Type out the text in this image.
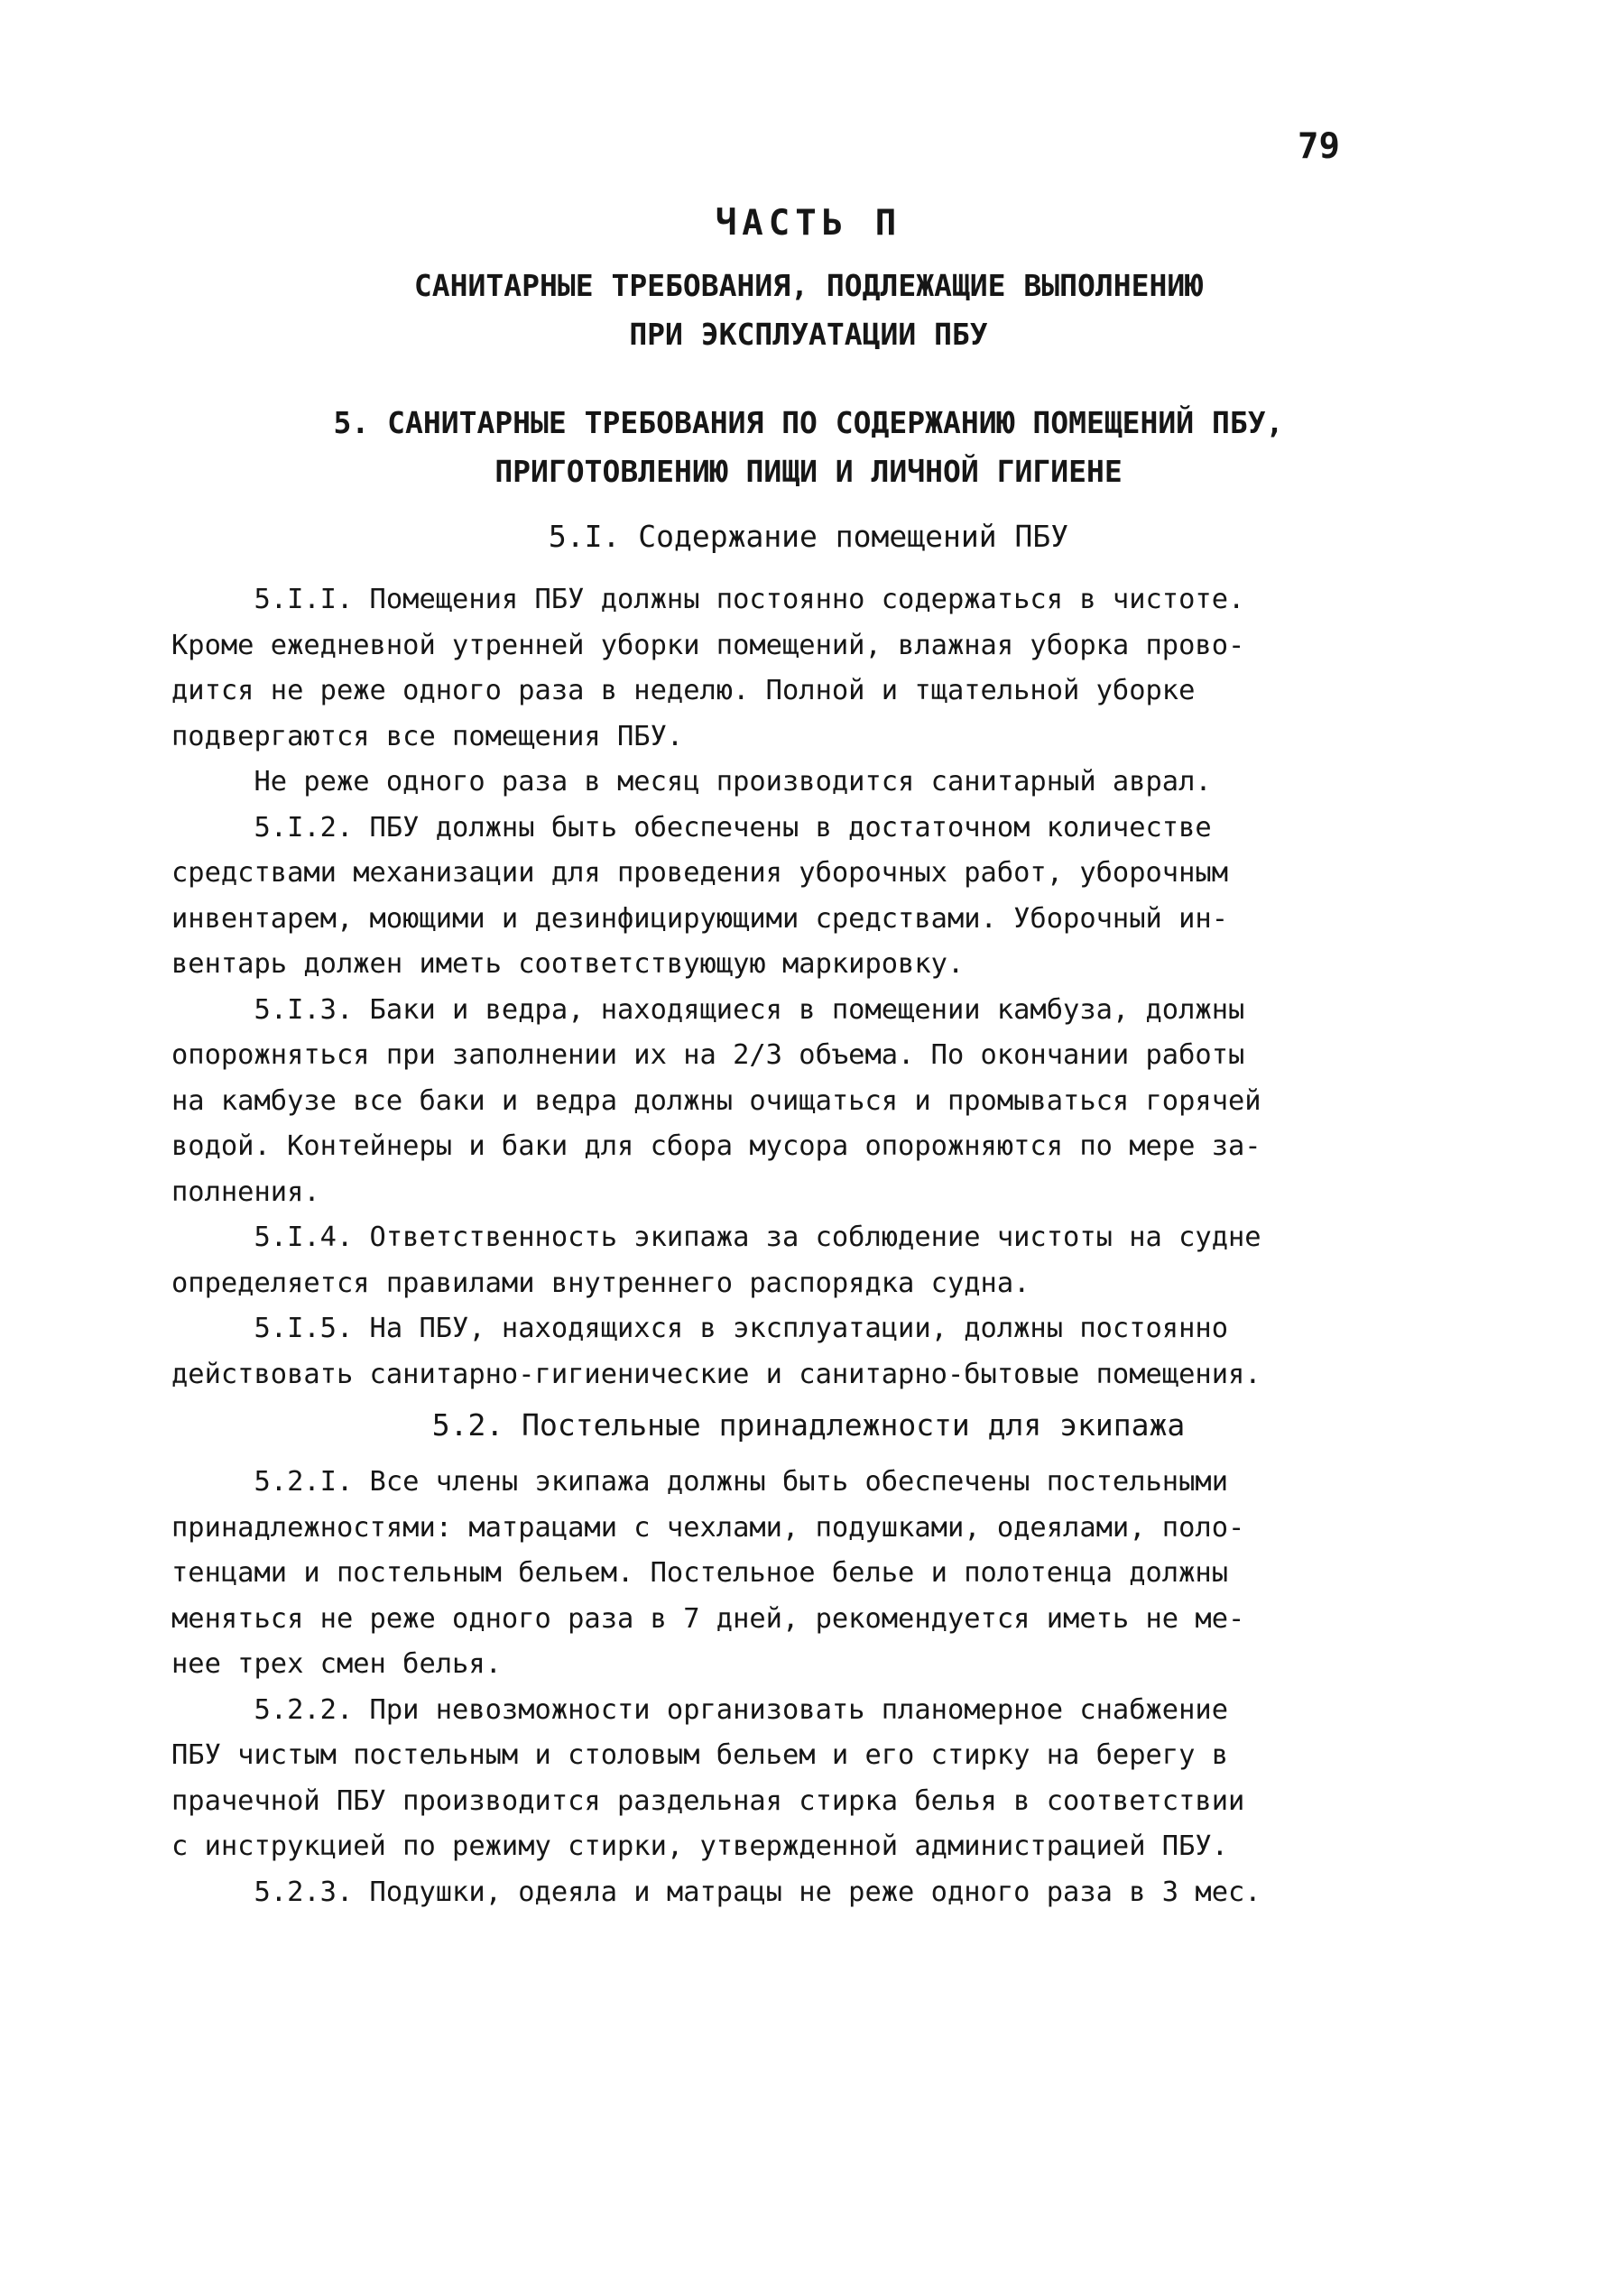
79
ЧАСТЬ П
САНИТАРНЫЕ ТРЕБОВАНИЯ, ПОДЛЕЖАЩИЕ ВЫПОЛНЕНИЮ
ПРИ ЭКСПЛУАТАЦИИ ПБУ
5. САНИТАРНЫЕ ТРЕБОВАНИЯ ПО СОДЕРЖАНИЮ ПОМЕЩЕНИЙ ПБУ,
ПРИГОТОВЛЕНИЮ ПИЩИ И ЛИЧНОЙ ГИГИЕНЕ
5.I. Содержание помещений ПБУ
5.I.I. Помещения ПБУ должны постоянно содержаться в чистоте.
Кроме ежедневной утренней уборки помещений, влажная уборка прово-
дится не реже одного раза в неделю. Полной и тщательной уборке
подвергаются все помещения ПБУ.
Не реже одного раза в месяц производится санитарный аврал.
5.I.2. ПБУ должны быть обеспечены в достаточном количестве
средствами механизации для проведения уборочных работ, уборочным
инвентарем, моющими и дезинфицирующими средствами. Уборочный ин-
вентарь должен иметь соответствующую маркировку.
5.I.3. Баки и ведра, находящиеся в помещении камбуза, должны
опорожняться при заполнении их на 2/3 объема. По окончании работы
на камбузе все баки и ведра должны очищаться и промываться горячей
водой. Контейнеры и баки для сбора мусора опорожняются по мере за-
полнения.
5.I.4. Ответственность экипажа за соблюдение чистоты на судне
определяется правилами внутреннего распорядка судна.
5.I.5. На ПБУ, находящихся в эксплуатации, должны постоянно
действовать санитарно-гигиенические и санитарно-бытовые помещения.
5.2. Постельные принадлежности для экипажа
5.2.I. Все члены экипажа должны быть обеспечены постельными
принадлежностями: матрацами с чехлами, подушками, одеялами, поло-
тенцами и постельным бельем. Постельное белье и полотенца должны
меняться не реже одного раза в 7 дней, рекомендуется иметь не ме-
нее трех смен белья.
5.2.2. При невозможности организовать планомерное снабжение
ПБУ чистым постельным и столовым бельем и его стирку на берегу в
прачечной ПБУ производится раздельная стирка белья в соответствии
с инструкцией по режиму стирки, утвержденной администрацией ПБУ.
5.2.3. Подушки, одеяла и матрацы не реже одного раза в 3 мес.
